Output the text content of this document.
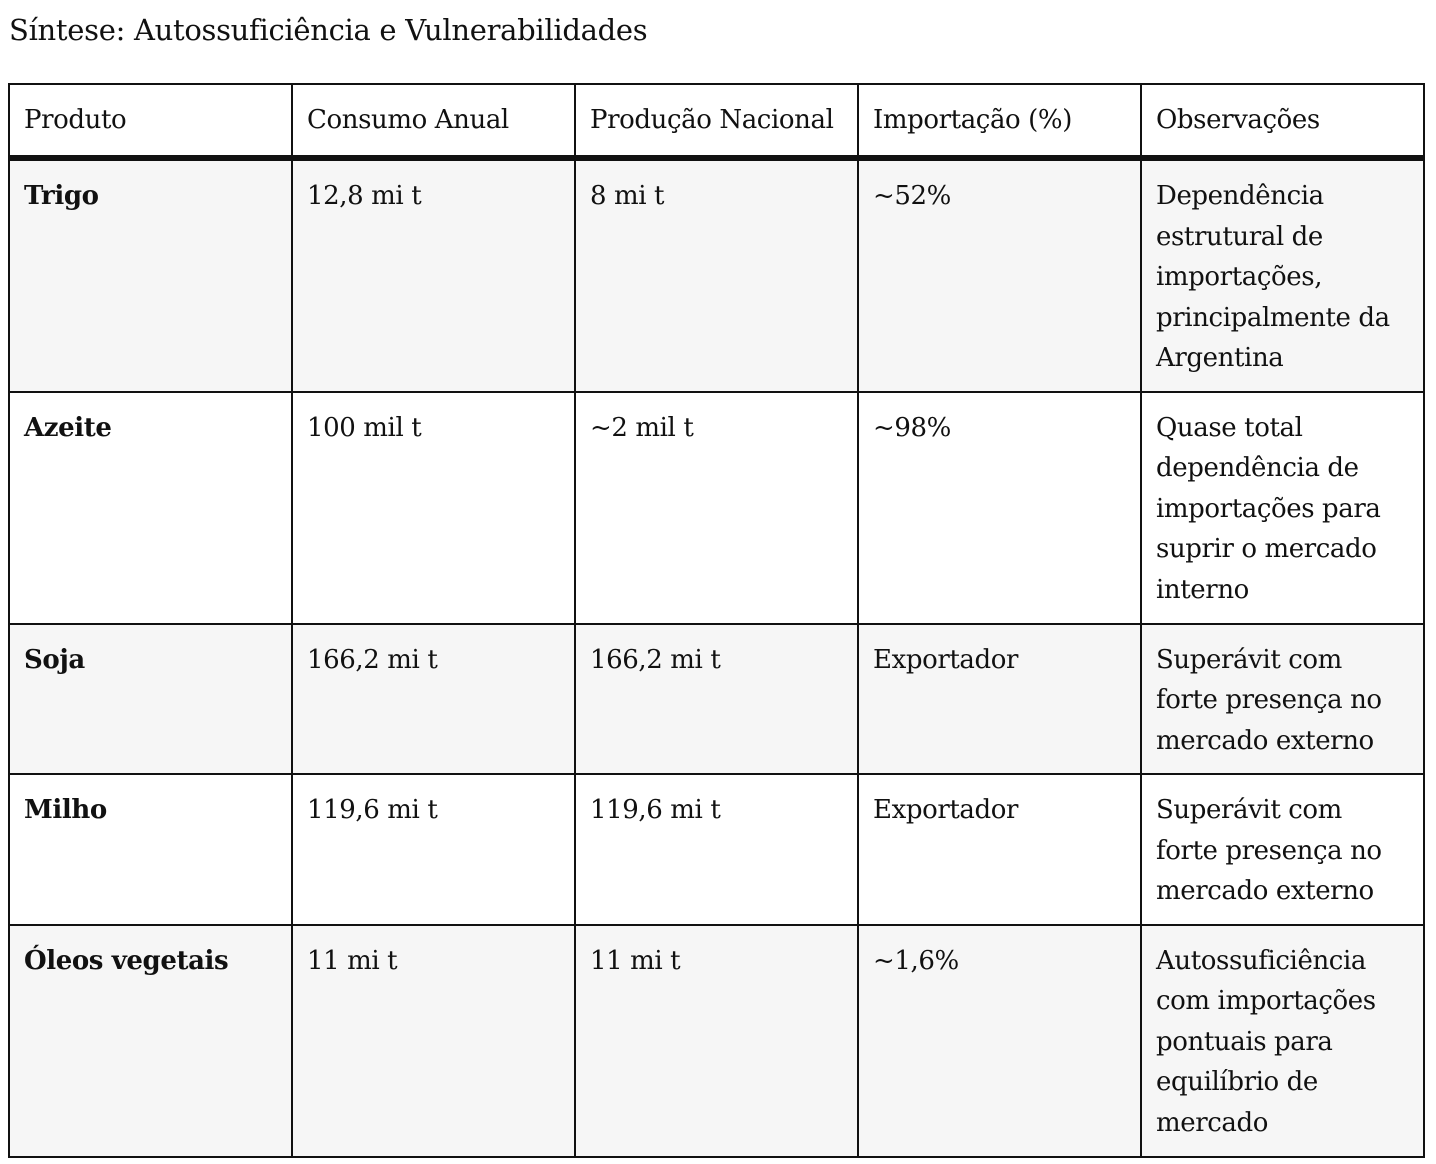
Síntese: Autossuficiência e Vulnerabilidades
Produto	Consumo Anual	Produção Nacional	Importação (%)	Observações
Trigo	12,8 mi t	8 mi t	~52%	Dependência estrutural de importações, principalmente da Argentina
Azeite	100 mil t	~2 mil t	~98%	Quase total dependência de importações para suprir o mercado interno
Soja	166,2 mi t	166,2 mi t	Exportador	Superávit com forte presença no mercado externo
Milho	119,6 mi t	119,6 mi t	Exportador	Superávit com forte presença no mercado externo
Óleos vegetais	11 mi t	11 mi t	~1,6%	Autossuficiência com importações pontuais para equilíbrio de mercado
